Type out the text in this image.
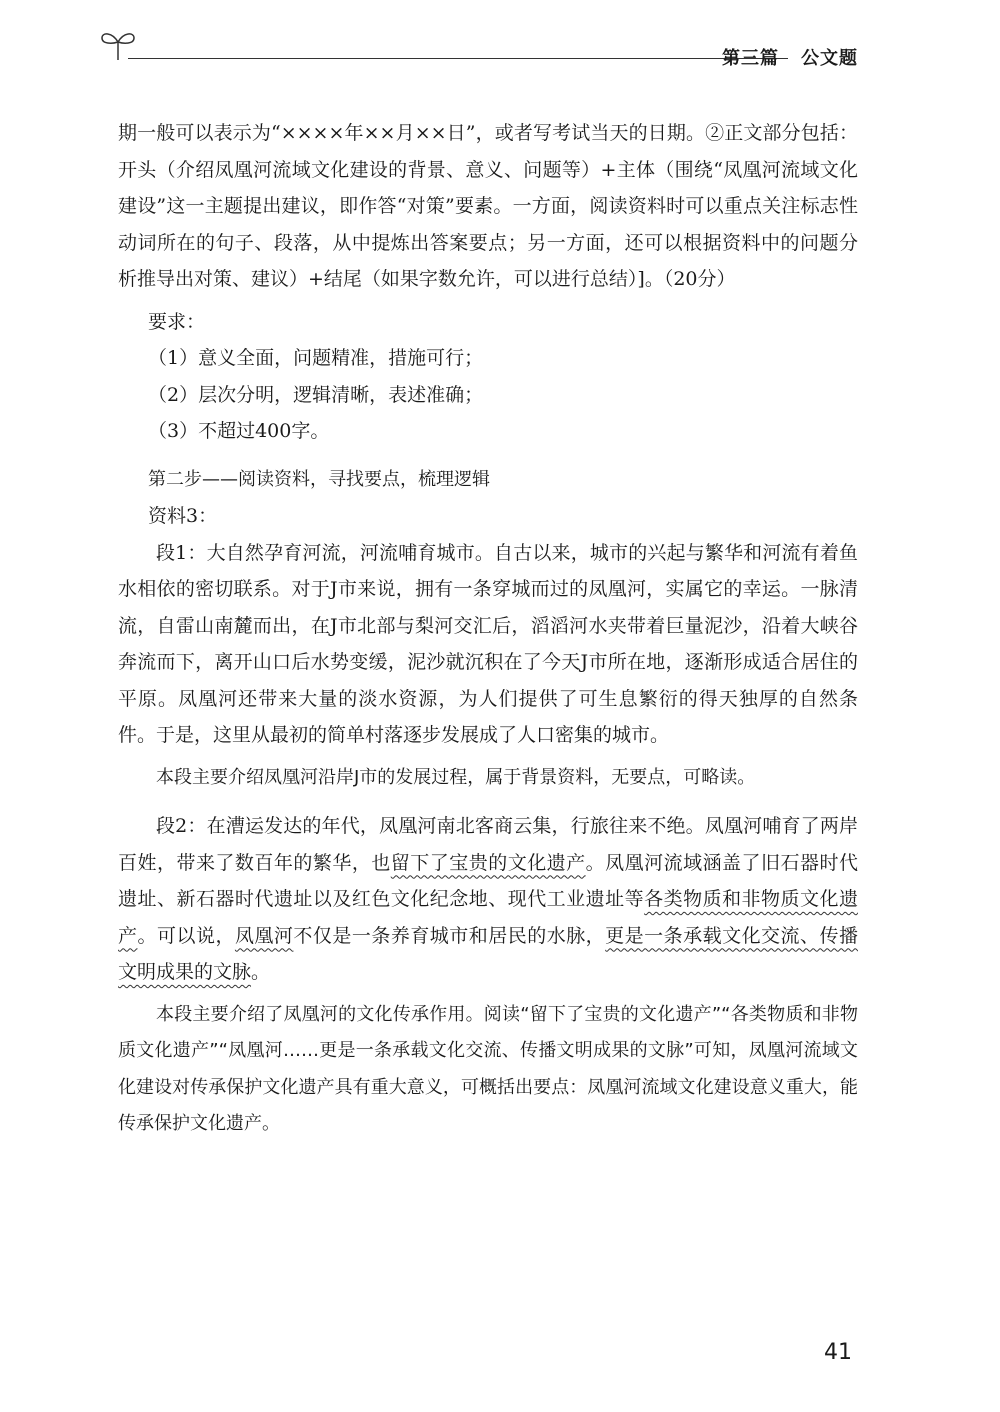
第三篇 公文题

期一般可以表示为“××××年××月××日”，或者写考试当天的日期。②正文部分包括：开头（介绍凤凰河流域文化建设的背景、意义、问题等）+主体（围绕“凤凰河流域文化建设”这一主题提出建议，即作答“对策”要素。一方面，阅读资料时可以重点关注标志性动词所在的句子、段落，从中提炼出答案要点；另一方面，还可以根据资料中的问题分析推导出对策、建议）+结尾（如果字数允许，可以进行总结）]。（20分）

要求：

（1）意义全面，问题精准，措施可行；

（2）层次分明，逻辑清晰，表述准确；

（3）不超过400字。

第二步——阅读资料，寻找要点，梳理逻辑

资料3：

段1：大自然孕育河流，河流哺育城市。自古以来，城市的兴起与繁华和河流有着鱼水相依的密切联系。对于J市来说，拥有一条穿城而过的凤凰河，实属它的幸运。一脉清流，自雷山南麓而出，在J市北部与梨河交汇后，滔滔河水夹带着巨量泥沙，沿着大峡谷奔流而下，离开山口后水势变缓，泥沙就沉积在了今天J市所在地，逐渐形成适合居住的平原。凤凰河还带来大量的淡水资源，为人们提供了可生息繁衍的得天独厚的自然条件。于是，这里从最初的简单村落逐步发展成了人口密集的城市。

本段主要介绍凤凰河沿岸J市的发展过程，属于背景资料，无要点，可略读。

段2：在漕运发达的年代，凤凰河南北客商云集，行旅往来不绝。凤凰河哺育了两岸百姓，带来了数百年的繁华，也留下了宝贵的文化遗产。凤凰河流域涵盖了旧石器时代遗址、新石器时代遗址以及红色文化纪念地、现代工业遗址等各类物质和非物质文化遗产。可以说，凤凰河不仅是一条养育城市和居民的水脉，更是一条承载文化交流、传播文明成果的文脉。

本段主要介绍了凤凰河的文化传承作用。阅读“留下了宝贵的文化遗产”“各类物质和非物质文化遗产”“凤凰河……更是一条承载文化交流、传播文明成果的文脉”可知，凤凰河流域文化建设对传承保护文化遗产具有重大意义，可概括出要点：凤凰河流域文化建设意义重大，能传承保护文化遗产。

41
